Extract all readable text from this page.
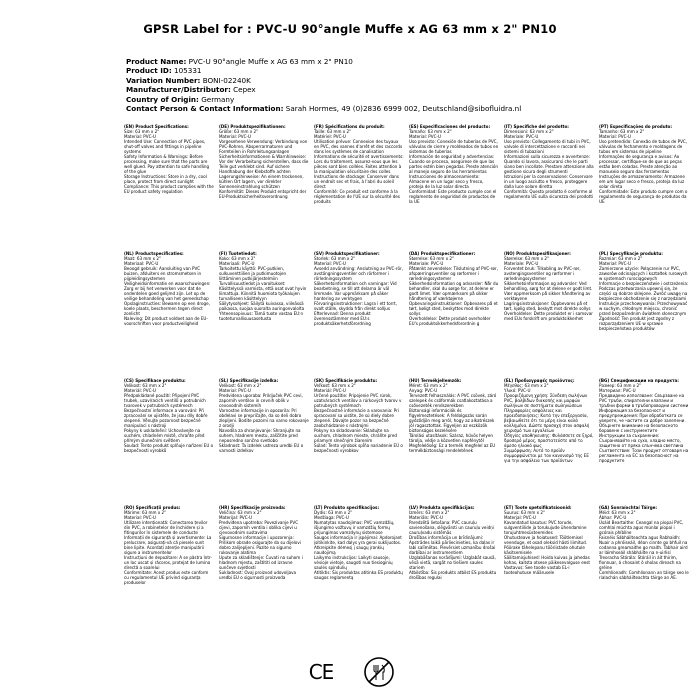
GPSR Label for : PVC-U 90°angle Muffe x AG 63 mm x 2" PN10
Product Name: PVC-U 90°angle Muffe x AG 63 mm x 2" PN10
Product ID: 105331
Variation Number: BONI-02240K
Manufacturer/Distributor: Cepex
Country of Origin: Germany
Contact Person & Contact Information: Sarah Hormes, 49 (0)2836 6999 002, Deutschland@sibofluidra.nl
(EN) Product Specifications:
Size: 63 mm x 2"
Material: PVC-U
Intended Use: Connection of PVC pipes, shut-off valves and fittings in pipeline systems
Safety Information & Warnings: Before processing, make sure that the parts are well glued. Pay attention to safe handling of the glue
Storage Instructions: Store in a dry, cool place, protect from direct sunlight
Compliance: This product complies with the EU product safety regulation
(DE) Produktspezifikationen:
Größe: 63 mm x 2"
Material: PVC-U
Vorgesehene Verwendung: Verbindung von PVC-Rohren, Absperrarmaturen und Formteilen in Rohrleitungsanlagen
Sicherheitsinformationen & Warnhinweise: Vor der Verarbeitung sicherstellen, dass die Teile gut verklebt sind. Auf sichere Handhabung der Klebstoffe achten
Lagerungshinweise: An einem trockenen, kühlen Ort lagern, vor direkter Sonneneinstrahlung schützen
Konformität: Dieses Produkt entspricht der EU-Produktsicherheitsverordnung
(FR) Spécifications du produit:
Taille: 63 mm x 2"
Matériel: PVC-U
Utilisation prévue: Connexion des tuyaux en PVC, des vannes d'arrêt et des raccords dans les systèmes de canalisation
Informations de sécurité et avertissements: Lors du traitement, assurez-vous que les pièces sont bien collées. Faites attention à la manipulation sécuritaire des colles
Instructions de stockage: Conserver dans un endroit sec et frais, à l'abri du soleil direct
Conformité: Ce produit est conforme à la réglementation de l'UE sur la sécurité des produits
(ES) Especificaciones del producto:
Tamaño: 63 mm x 2"
Material: PVC-U
Uso previsto: Conexión de tuberías de PVC, válvulas de cierre y moldeados de tubos en sistemas de tuberías
Información de seguridad y advertencias: Cuando se procesa, asegúrese de que las partes estén bien pegadas. Preste atención al manejo seguro de las herramientas
Instrucciones de almacenamiento: Almacene en un lugar seco y fresco, proteja de la luz solar directa
Conformidad: Este producto cumple con el reglamento de seguridad de productos de la UE
(IT) Specifiche del prodotto:
Dimensioni: 63 mm x 2"
Materiale: PVC-U
Uso previsto: Collegamento di tubi in PVC, valvole di intercettazione e raccordi nei sistemi di tubazioni
Informazioni sulla sicurezza e avvertenze: Quando si lavora, assicurarsi che le parti siano ben incollate. Prestare attenzione alla gestione sicura degli strumenti
Istruzioni per la conservazione: Conservare in un luogo asciutto e fresco, proteggere dalla luce solare diretta
Conformità: Questo prodotto è conforme al regolamento UE sulla sicurezza dei prodotti
(PT) Especificações do produto:
Tamanho: 63 mm x 2"
Material: PVC-U
Uso pretendido: Conexão de tubos de PVC, válvulas de fechamento e moldagens de tubos em sistemas de pipeline
Informações de segurança e avisos: Ao processar, certifique-se de que as peças estão bem coladas. Preste atenção ao manuseio seguro das ferramentas
Instruções de armazenamento: Armazene em um lugar seco e fresco, proteja da luz solar direta
Conformidade: Este produto cumpre com o regulamento de segurança de produtos da UE
(NL) Productspecificaties:
Maat: 63 mm x 2"
Materiaal: PVC-U
Beoogd gebruik: Aansluiting van PVC buizen, afsluiters en stromsmetsen in pijpleidingsystemen
Veiligheidsinformatie en waarschuwingen: Zorg er bij het verwerken voor dat de onderdelen goed gelijmd zijn. Let op de veilige behandeling van het gereedschap
Opslaginstructies: Bewaren op een droge, koele plaats, beschermen tegen direct zonlicht
Naleving: Dit product voldoet aan de EU-voorschriften voor productveiligheid
(FI) Tuotetiedot:
Koko: 63 mm x 2"
Materiaali: PVC-U
Tarkoitettu käyttö: PVC-putkien, sulkuventtiilien ja putkimuotojen liittäminen putkijärjestelmiin
Turvallisuustiedot ja varoitukset: Käsittelyssä varmista, että osat ovat hyvin liimattuja. Kiinnitä huomiota työkalujen turvalliseen käsittelyyn
Säilytysohjeet: Säilytä kuivassa, viileässä paikassa, suojaa suoralta auringonvalolta
Yhteensopivuus: Tämä tuote vastaa EU:n tuoteturvallisuusasetusta
(SV) Produktspecifikationer:
Storlek: 63 mm x 2"
Material: PVC-U
Avsedd användning: Anslutning av PVC-rör, avstängningsventiler och rörformer i rörledningssystem
Säkerhetsinformation och varningar: Vid bearbetning, se till att delarna är väl limmade. Var uppmärksam på säker hantering av verktygen
Förvaringsinstruktioner: Lagra i ett torrt, svalt ställe, skydda från direkt solljus
Efterlevnad: Denna produkt överensstämmer med EU:s produktsäkerhetsförordning
(DA) Produktspecifikationer:
Størrelse: 63 mm x 2"
Materiale: PVC-U
Påtænkt anvendelse: Tilslutning af PVC-rør, afspærringsventiler og rørformer i rørledningssystemer
Sikkerhedsinformation og advarsler: Når du behandler, skal du sørge for, at delene er godt limet. Vær opmærksom på sikker håndtering af værktøjerne
Opbevaringsinstruktioner: Opbevares på et tørt, køligt sted, beskyttes mod direkte sollys
Overholdelse: Dette produkt overholder EU's produktsikkerhedsforordnin g
(NO) Produktspesifikasjoner:
Størrelse: 63 mm x 2"
Materiale: PVC-U
Forventet bruk: Tilkobling av PVC-rør, avstengingsventiler og rørformer i rørledningssystemer
Sikkerhetsinformasjon og advarsler: Ved behandling, sørg for at delene er godt limt. Vær oppmerksom på sikker håndtering av verktøyene
Lagringsinstruksjoner: Oppbevares på et tørt, kjølig sted, beskytt mot direkte sollys
Overholdelse: Dette produktet er i samsvar med EUs forskrift om produktsikkerhet
(PL) Specyfikacje produktu:
Rozmiar: 63 mm x 2"
Materiał: PVC-U
Zamierzone użycie: Połączenie rur PVC, zaworów odcinających i kształtek rurowych w systemach rurociągowych
Informacje o bezpieczeństwie i ostrzeżenia: Podczas przetwarzania upewnij się, że części są dobrze sklejone. Zwróć uwagę na bezpieczne obchodzenie się z narzędziami
Instrukcje przechowywania: Przechowywać w suchym, chłodnym miejscu, chronić przed bezpośrednim światłem słonecznym
Zgodność: Ten produkt jest zgodny z rozporządzeniem UE w sprawie bezpieczeństwa produktów
(CS) Specifikace produktu:
Velikost: 63 mm x 2"
Materiál: PVC-U
Předpokládané použití: Připojení PVC trubek, uzavíracích ventilů a potrubních tvarovek v potrubních systémech
Bezpečnostní informace a varování: Při zpracování se ujistěte, že jsou díly dobře slepené. Věnujte pozornost bezpečné manipulaci s nástroji
Pokyny k uskladnění: Uchovávejte na suchém, chladném místě, chraňte před přímým slunečním světlem
Soulad: Tento produkt splňuje nařízení EU o bezpečnosti výrobků
(SL) Specifikacije izdelka:
Velikost: 63 mm x 2"
Material: PVC-U
Predvidena uporaba: Priključek PVC cevi, zapornih ventilov in cevnih oblik v cevovodnih sistemih
Varnostne informacije in opozorila: Pri obdelavi se prepričajte, da so deli dobro zlepljeni. Bodite pozorni na varno rokovanje z orodji
Navodila za shranjevanje: Shranjujte na suhem, hladnem mestu, zaščitite pred neposredno sončno svetlobo
Skladnost: Ta izdelek ustreza uredbi EU o varnosti izdelkov
(SK) Špecifikácie produktu:
Veľkosť: 63 mm x 2"
Materiál: PVC-U
Určené použitie: Pripojenie PVC rúrok, uzatváracích ventilov a rúrkových tvarov v potrubných systémoch
Bezpečnostné informácie a varovania: Pri spracovaní sa uistite, že sú diely dobre zlepené. Dávajte pozor na bezpečné zaobchádzanie s nástrojmi
Pokyny na skladovanie: Skladujte na suchom, chladnom mieste, chráňte pred priamym slnečným žiarením
Súlad: Tento výrobok spĺňa nariadenie EÚ o bezpečnosti výrobkov
(HU) Termékjellemzők:
Méret: 63 mm x 2"
Anyag: PVC-U
Tervezett felhasználás: A PVC csövek, záró szelepek és csőformák csatlakoztatása a csővezeték rendszerekben
Biztonsági információk és figyelmeztetések: A feldolgozás során győződjön meg arról, hogy az alkatrészek jól ragasztottak. Figyeljen az eszközök biztonságos kezelésére
Tárolási utasítások: Száraz, hűvös helyen tárolja, védje a közvetlen napfénytől
Megfelelőség: Ez a termék megfelel az EU termékbiztonsági rendeletének
(EL) Προδιαγραφές προϊόντος:
Μέγεθος: 63 mm x 2"
Υλικό: PVC-U
Προοριζόμενη χρήση: Σύνδεση σωλήνων PVC, βαλβίδων διακοπής και μορφών σωλήνων σε συστήματα σωληνώσεων
Πληροφορίες ασφάλειας και προειδοποιήσεις: Κατά την επεξεργασία, βεβαιωθείτε ότι τα μέρη είναι καλά κολλημένα. Δώστε προσοχή στον ασφαλή χειρισμό των εργαλείων
Οδηγίες αποθήκευσης: Φυλάσσετε σε ξηρό, δροσερό μέρος, προστατεύστε από το άμεσο ηλιακό φως
Συμμόρφωση: Αυτό το προϊόν συμμορφώνεται με τον κανονισμό της ΕΕ για την ασφάλεια των προϊόντων
(BG) Спецификации на продукта:
Размер: 63 mm x 2"
Материал: PVC-U
Предвидено използване: Свързване на PVC тръби, спирателни клапани и тръбни форми в тръбопроводни системи
Информация за безопасност и предупреждения: При обработката се уверете, че частите са добре залепени. Обърнете внимание на безопасното боравене с инструментите
Инструкции за съхранение: Съхранявайте на сухо, хладно място, защитено от пряка слънчева светлина
Съответствие: Този продукт отговаря на регламента на ЕС за безопасност на продуктите
(RO) Specificații produs:
Mărime: 63 mm x 2"
Material: PVC-U
Utilizare intenționată: Conectarea țevilor din PVC, a robinetelor de închidere și a fitingurilor în sistemele de conducte
Informații de siguranță și avertismente: La prelucrare, asigurați-vă că piesele sunt bine lipite. Acordați atenție manipulării sigure a instrumentelor
Instrucțiuni de depozitare: A se păstra într-un loc uscat și răcoros, protejat de lumina directă a soarelui
Conformitate: Acest produs este conform cu regulamentul UE privind siguranța produselor
(HR) Specifikacije proizvoda:
Veličina: 63 mm x 2"
Materijal: PVC-U
Predviđena upotreba: Povezivanje PVC cijevi, zapornih ventila i oblika cijevi u cjevovodnim sustavima
Sigurnosne informacije i upozorenja: Prilikom obrade osigurajte da su dijelovi dobro zalijepljeni. Pazite na sigurno rukovanje alatima
Upute za skladištenje: Čuvati na suhom i hladnom mjestu, zaštititi od izravne sunčeve svjetlosti
Sukladnost: Ovaj proizvod udovoljava uredbi EU o sigurnosti proizvoda
(LT) Produkto specifikacijos:
Dydis: 63 mm x 2"
Medžiaga: PVC-U
Numatytas naudojimas: PVC vamzdžių, išjungimo vožtuvų ir vamzdžių formų prijungimas vamzdynų sistemose
Saugos informacija ir įspėjimai: Apdorojant įsitikinkite, kad dalys yra gerai suklijuotos. Atkreipkite dėmesį į saugų įrankių naudojimą
Laikymo instrukcijos: Laikyti sausoje, vėsioje vietoje, saugoti nuo tiesioginių saulės spindulių
Atitiktis: Šis produktas atitinka ES produktų saugos reglamentą
(LV) Produkta specifikācijas:
Izmērs: 63 mm x 2"
Materiāls: PVC-U
Paredzētā lietošana: PVC cauruļu savienošana, slēgvārsti un cauruļu veidņi cauruļvadu sistēmās
Drošības informācija un brīdinājumi: Apstrādes laikā pārliecinieties, ka daļas ir labi salīmētas. Pievērsiet uzmanību drošai darbībai ar instrumentiem
Uzglabāšanas norādījumi: Uzglabāt sausā, vēsā vietā, sargāt no tiešiem saules stariem
Atbilstība: Šis produkts atbilst ES produktu drošības regulai
(ET) Toote spetsifikatsioonid:
Suurus: 63 mm x 2"
Materjal: PVC-U
Kavandatud kasutus: PVC torude, sulgventiilide ja torukujude ühendamine torujuhtmesüsteemides
Ohutusteave ja hoiatused: Töötlemisel veenduge, et osad oleksid hästi liimitud. Pöörake tähelepanu tööriistade ohutule käsitsemisele
Säilitamisjuhised: Hoida kuivas ja jahedas kohas, kaitsta otsese päikesevalguse eest
Vastavus: See toode vastab EL-i tooteohutuse määrusele
(GA) Sonraíochtaí Táirge:
Méid: 63 mm x 2"
Ábhar: PVC-U
Úsáid Beartaithe: Ceangal na píopaí PVC, comhlaí múchta agus múnlaí píopaí i gcórais phíblíne
Faisnéis Sábháilteachta agus Rabhaidh: Nuair a phróiseáil, déan cinnte go bhfuil na codanna greamaithe go maith. Tabhair aird ar láimhseáil shábháilte na n-uirlisí
Treoracha Stórála: Stóráil in áit thirim, fionnuar, á chosaint ó sholas díreach na gréine
Comhlíonadh: Comhlíonann an táirge seo le rialachán sábháilteachta táirge an AE.
CE
